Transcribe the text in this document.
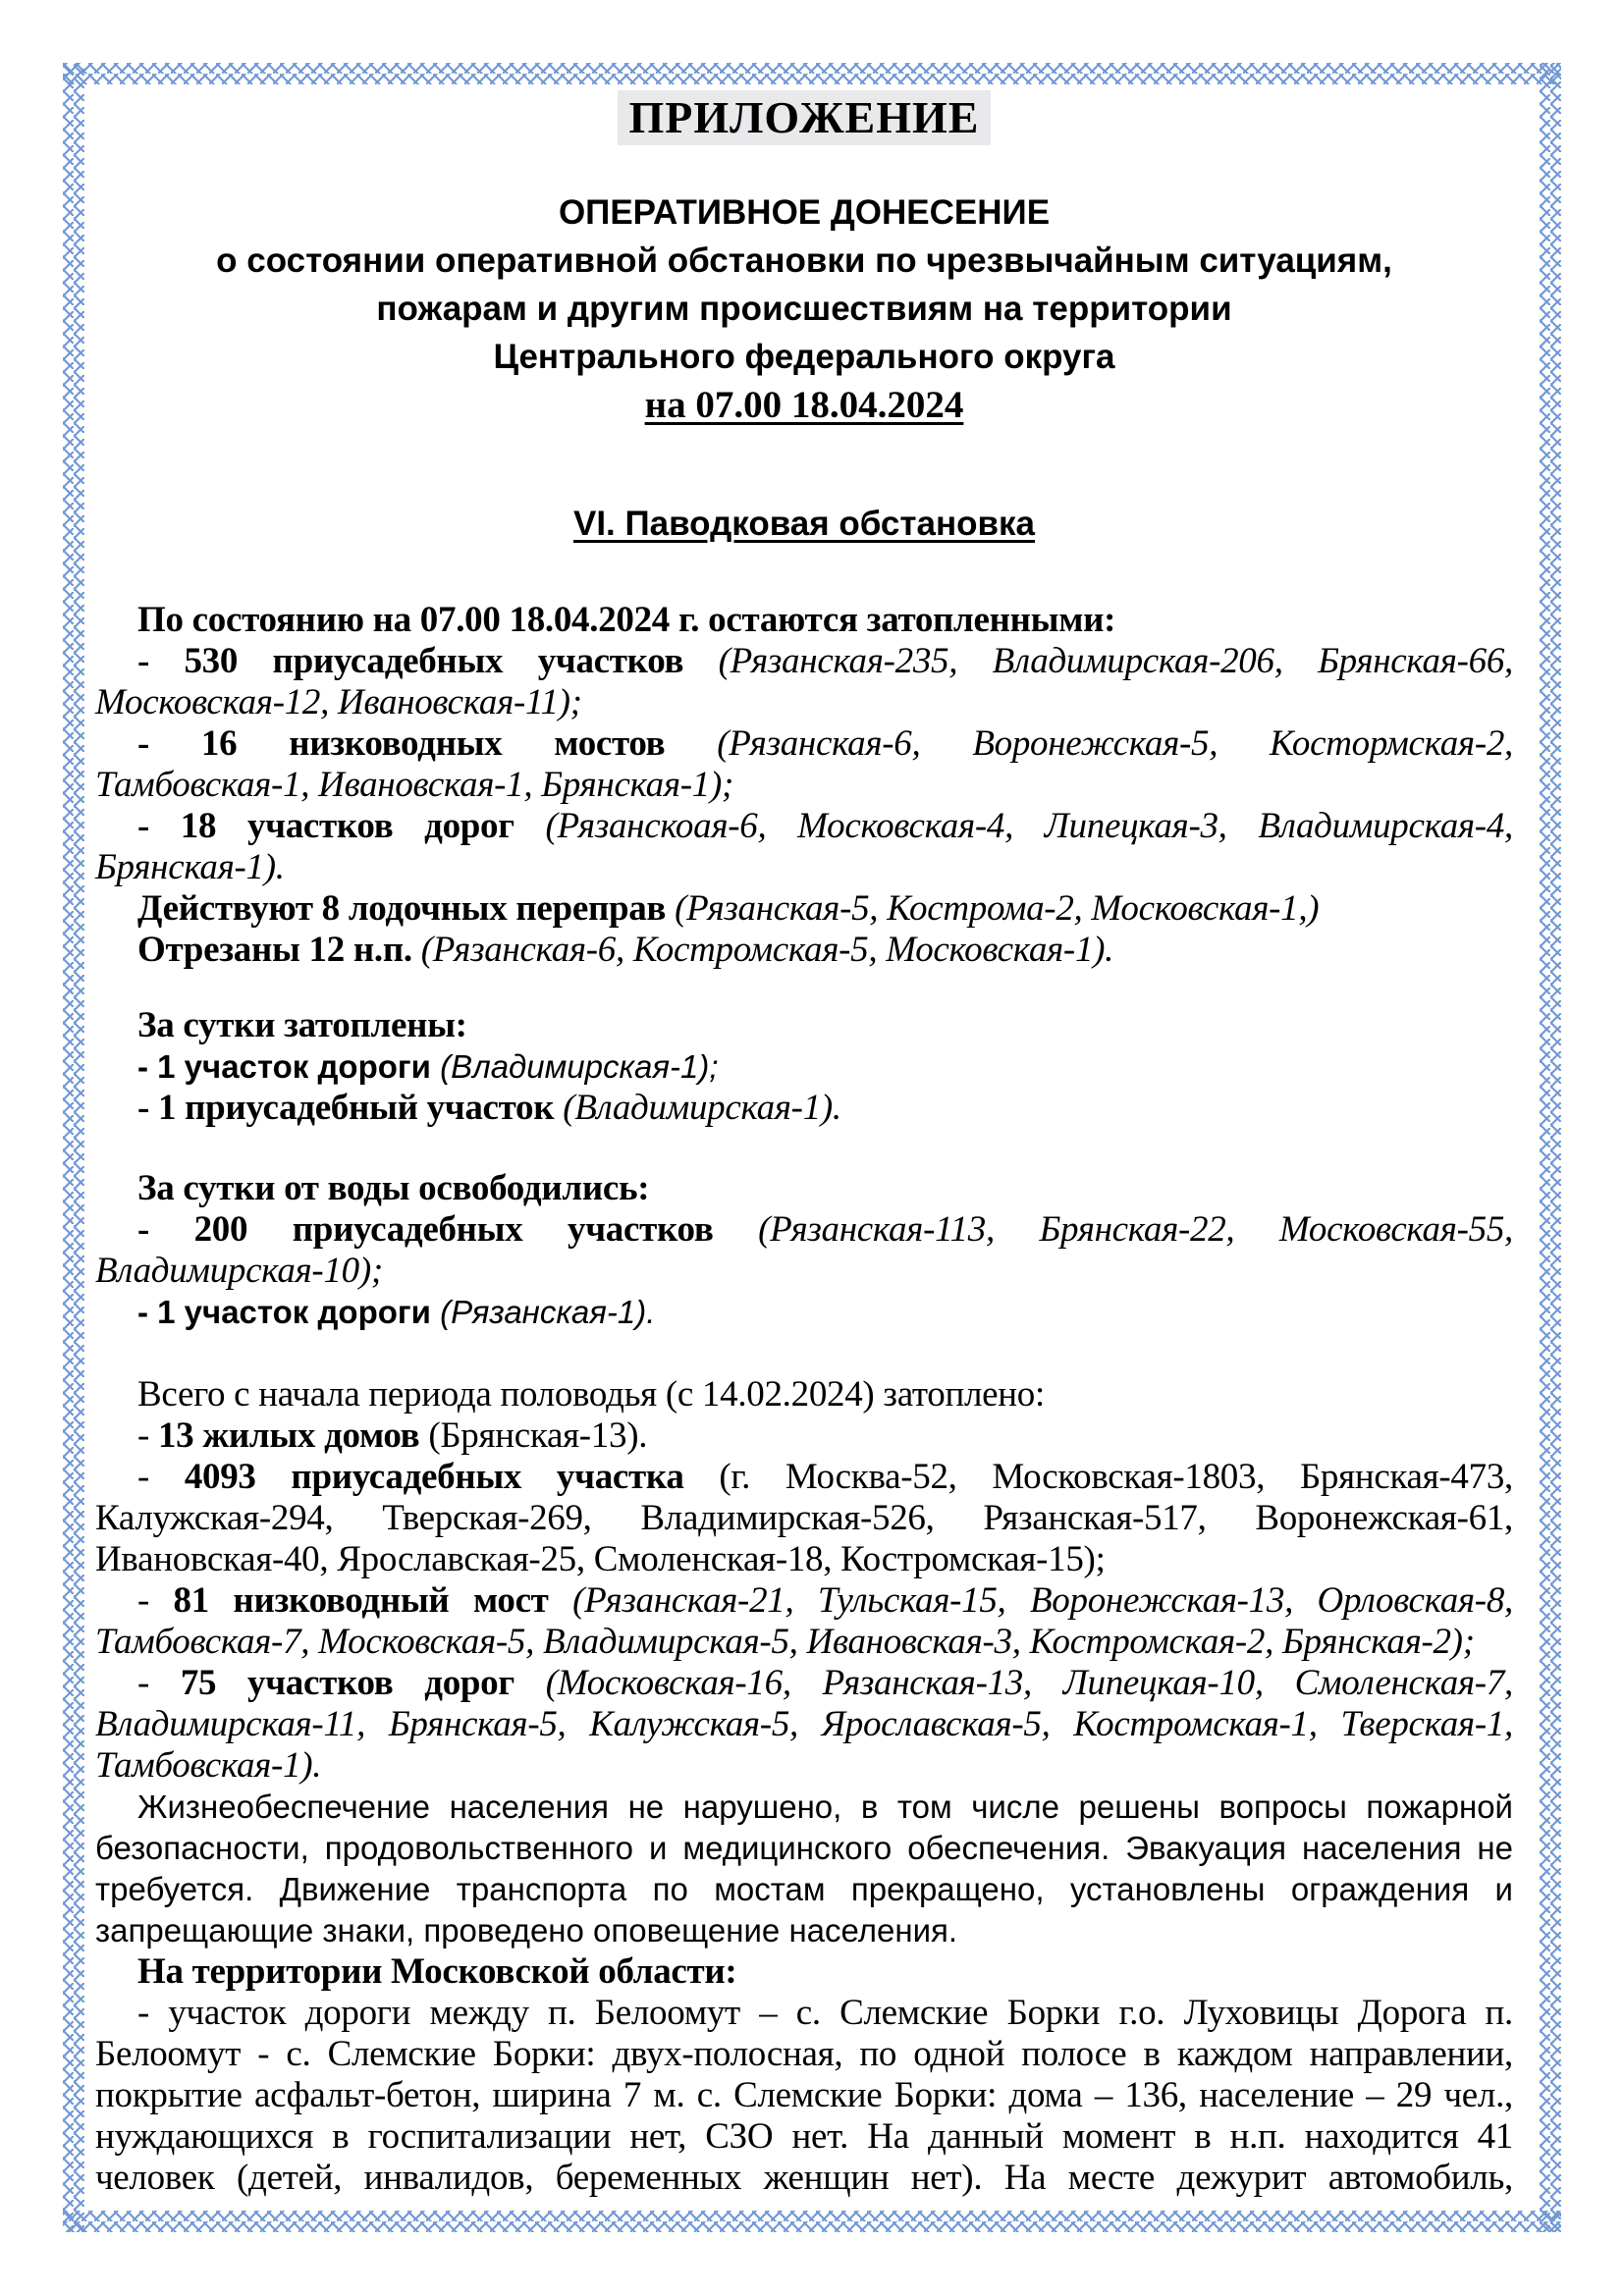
ПРИЛОЖЕНИЕ
ОПЕРАТИВНОЕ ДОНЕСЕНИЕ
о состоянии оперативной обстановки по чрезвычайным ситуациям,
пожарам и другим происшествиям на территории
Центрального федерального округа
на 07.00 18.04.2024
VI. Паводковая обстановка
По состоянию на 07.00 18.04.2024 г. остаются затопленными:
- 530 приусадебных участков (Рязанская-235, Владимирская-206, Брянская-66,
Московская-12, Ивановская-11);
- 16 низководных мостов (Рязанская-6, Воронежская-5, Костормская-2,
Тамбовская-1, Ивановская-1, Брянская-1);
- 18 участков дорог (Рязанскоая-6, Московская-4, Липецкая-3, Владимирская-4,
Брянская-1).
Действуют 8 лодочных переправ (Рязанская-5, Кострома-2, Московская-1,)
Отрезаны 12 н.п. (Рязанская-6, Костромская-5, Московская-1).
За сутки затоплены:
- 1 участок дороги (Владимирская-1);
- 1 приусадебный участок (Владимирская-1).
За сутки от воды освободились:
- 200 приусадебных участков (Рязанская-113, Брянская-22, Московская-55,
Владимирская-10);
- 1 участок дороги (Рязанская-1).
Всего с начала периода половодья (с 14.02.2024) затоплено:
- 13 жилых домов (Брянская-13).
- 4093 приусадебных участка (г. Москва-52, Московская-1803, Брянская-473,
Калужская-294, Тверская-269, Владимирская-526, Рязанская-517, Воронежская-61,
Ивановская-40, Ярославская-25, Смоленская-18, Костромская-15);
- 81 низководный мост (Рязанская-21, Тульская-15, Воронежская-13, Орловская-8,
Тамбовская-7, Московская-5, Владимирская-5, Ивановская-3, Костромская-2, Брянская-2);
- 75 участков дорог (Московская-16, Рязанская-13, Липецкая-10, Смоленская-7,
Владимирская-11, Брянская-5, Калужская-5, Ярославская-5, Костромская-1, Тверская-1,
Тамбовская-1).
Жизнеобеспечение населения не нарушено, в том числе решены вопросы пожарной
безопасности, продовольственного и медицинского обеспечения. Эвакуация населения не
требуется. Движение транспорта по мостам прекращено, установлены ограждения и
запрещающие знаки, проведено оповещение населения.
На территории Московской области:
- участок дороги между п. Белоомут – с. Слемские Борки г.о. Луховицы Дорога п.
Белоомут - с. Слемские Борки: двух-полосная, по одной полосе в каждом направлении,
покрытие асфальт-бетон, ширина 7 м. с. Слемские Борки: дома – 136, население – 29 чел.,
нуждающихся в госпитализации нет, СЗО нет. На данный момент в н.п. находится 41
человек (детей, инвалидов, беременных женщин нет). На месте дежурит автомобиль,
